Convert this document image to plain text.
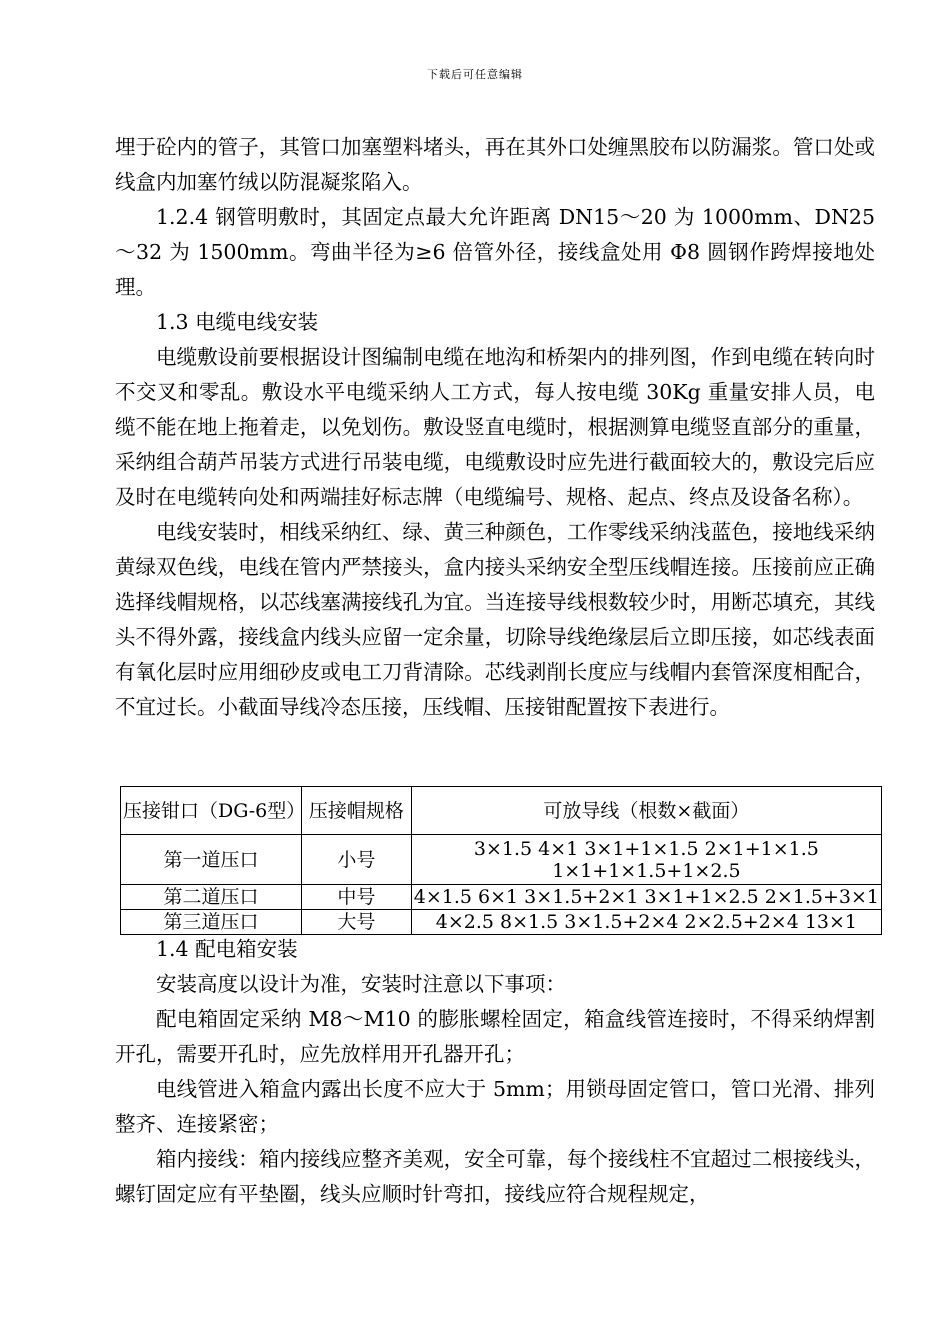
下载后可任意编辑

埋于砼内的管子，其管口加塞塑料堵头，再在其外口处缠黑胶布以防漏浆。管口处或线盒内加塞竹绒以防混凝浆陷入。

1.2.4 钢管明敷时，其固定点最大允许距离 DN15～20 为 1000mm、DN25～32 为 1500mm。弯曲半径为≥6 倍管外径，接线盒处用 Φ8 圆钢作跨焊接地处理。

1.3 电缆电线安装

电缆敷设前要根据设计图编制电缆在地沟和桥架内的排列图，作到电缆在转向时不交叉和零乱。敷设水平电缆采纳人工方式，每人按电缆 30Kg 重量安排人员，电缆不能在地上拖着走，以免划伤。敷设竖直电缆时，根据测算电缆竖直部分的重量，采纳组合葫芦吊装方式进行吊装电缆，电缆敷设时应先进行截面较大的，敷设完后应及时在电缆转向处和两端挂好标志牌（电缆编号、规格、起点、终点及设备名称）。

电线安装时，相线采纳红、绿、黄三种颜色，工作零线采纳浅蓝色，接地线采纳黄绿双色线，电线在管内严禁接头，盒内接头采纳安全型压线帽连接。压接前应正确选择线帽规格，以芯线塞满接线孔为宜。当连接导线根数较少时，用断芯填充，其线头不得外露，接线盒内线头应留一定余量，切除导线绝缘层后立即压接，如芯线表面有氧化层时应用细砂皮或电工刀背清除。芯线剥削长度应与线帽内套管深度相配合，不宜过长。小截面导线冷态压接，压线帽、压接钳配置按下表进行。

压接钳口（DG-6型）	压接帽规格	可放导线（根数×截面）
第一道压口	小号	3×1.5 4×1 3×1+1×1.5 2×1+1×1.5
1×1+1×1.5+1×2.5

第二道压口	中号	4×1.5 6×1 3×1.5+2×1 3×1+1×2.5 2×1.5+3×1
第三道压口	大号	4×2.5 8×1.5 3×1.5+2×4 2×2.5+2×4 13×1

1.4 配电箱安装

安装高度以设计为准，安装时注意以下事项：

配电箱固定采纳 M8～M10 的膨胀螺栓固定，箱盒线管连接时，不得采纳焊割开孔，需要开孔时，应先放样用开孔器开孔；

电线管进入箱盒内露出长度不应大于 5mm；用锁母固定管口，管口光滑、排列整齐、连接紧密；

箱内接线：箱内接线应整齐美观，安全可靠，每个接线柱不宜超过二根接线头，螺钉固定应有平垫圈，线头应顺时针弯扣，接线应符合规程规定，
